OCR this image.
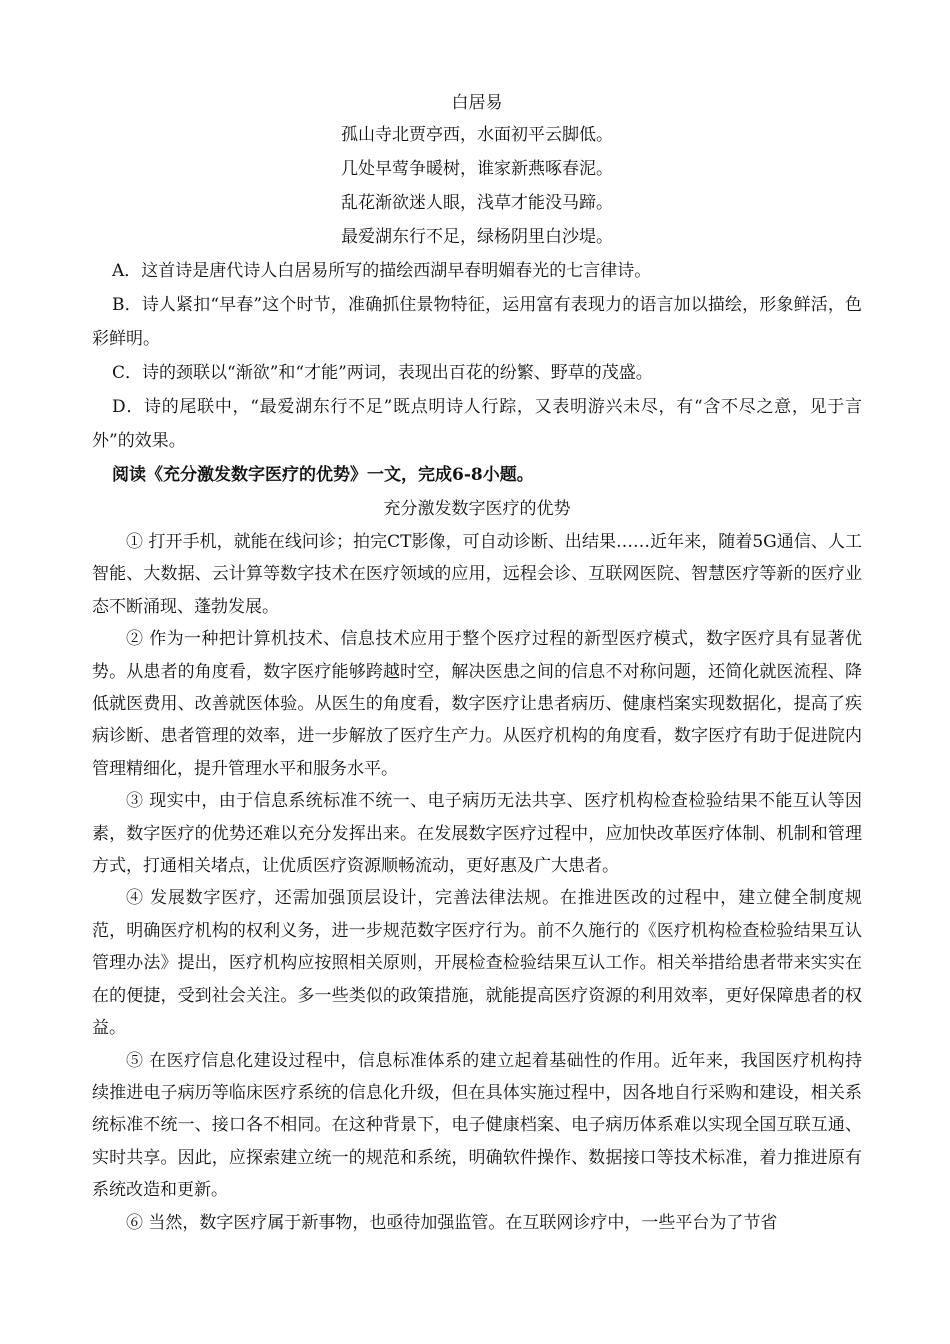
白居易
孤山寺北贾亭西，水面初平云脚低。
几处早莺争暖树，谁家新燕啄春泥。
乱花渐欲迷人眼，浅草才能没马蹄。
最爱湖东行不足，绿杨阴里白沙堤。
A．这首诗是唐代诗人白居易所写的描绘西湖早春明媚春光的七言律诗。
B．诗人紧扣“早春”这个时节，准确抓住景物特征，运用富有表现力的语言加以描绘，形象鲜活，色彩鲜明。
C．诗的颈联以“渐欲”和“才能”两词，表现出百花的纷繁、野草的茂盛。
D．诗的尾联中，“最爱湖东行不足”既点明诗人行踪，又表明游兴未尽，有“含不尽之意，见于言外”的效果。
阅读《充分激发数字医疗的优势》一文，完成6-8小题。
充分激发数字医疗的优势

① 打开手机，就能在线问诊；拍完CT影像，可自动诊断、出结果……近年来，随着5G通信、人工智能、大数据、云计算等数字技术在医疗领域的应用，远程会诊、互联网医院、智慧医疗等新的医疗业态不断涌现、蓬勃发展。

② 作为一种把计算机技术、信息技术应用于整个医疗过程的新型医疗模式，数字医疗具有显著优势。从患者的角度看，数字医疗能够跨越时空，解决医患之间的信息不对称问题，还简化就医流程、降低就医费用、改善就医体验。从医生的角度看，数字医疗让患者病历、健康档案实现数据化，提高了疾病诊断、患者管理的效率，进一步解放了医疗生产力。从医疗机构的角度看，数字医疗有助于促进院内管理精细化，提升管理水平和服务水平。

③ 现实中，由于信息系统标准不统一、电子病历无法共享、医疗机构检查检验结果不能互认等因素，数字医疗的优势还难以充分发挥出来。在发展数字医疗过程中，应加快改革医疗体制、机制和管理方式，打通相关堵点，让优质医疗资源顺畅流动，更好惠及广大患者。

④ 发展数字医疗，还需加强顶层设计，完善法律法规。在推进医改的过程中，建立健全制度规范，明确医疗机构的权利义务，进一步规范数字医疗行为。前不久施行的《医疗机构检查检验结果互认管理办法》提出，医疗机构应按照相关原则，开展检查检验结果互认工作。相关举措给患者带来实实在在的便捷，受到社会关注。多一些类似的政策措施，就能提高医疗资源的利用效率，更好保障患者的权益。

⑤ 在医疗信息化建设过程中，信息标准体系的建立起着基础性的作用。近年来，我国医疗机构持续推进电子病历等临床医疗系统的信息化升级，但在具体实施过程中，因各地自行采购和建设，相关系统标准不统一、接口各不相同。在这种背景下，电子健康档案、电子病历体系难以实现全国互联互通、实时共享。因此，应探索建立统一的规范和系统，明确软件操作、数据接口等技术标准，着力推进原有系统改造和更新。

⑥ 当然，数字医疗属于新事物，也亟待加强监管。在互联网诊疗中，一些平台为了节省
